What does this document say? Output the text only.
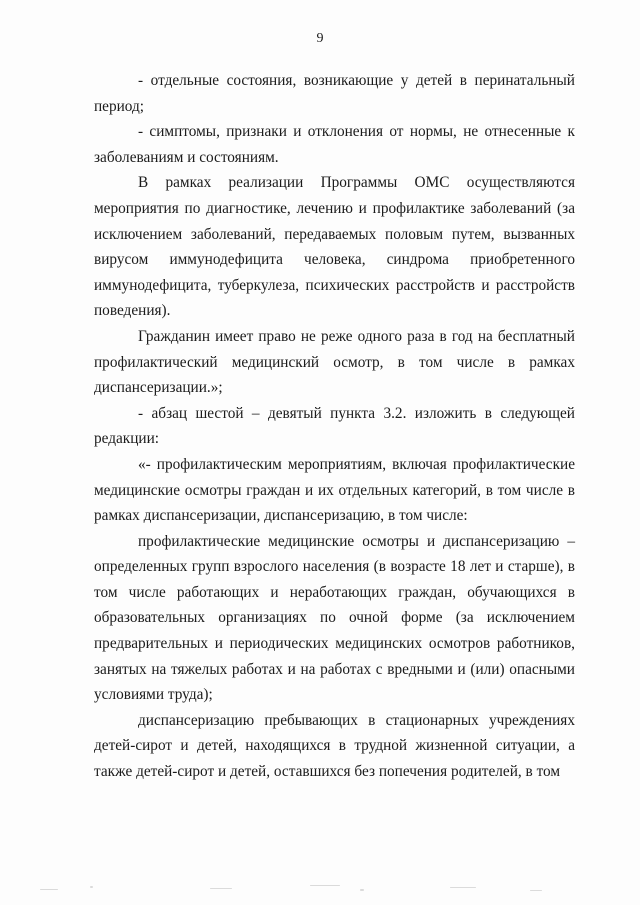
9

- отдельные состояния, возникающие у детей в перинатальный период;

- симптомы, признаки и отклонения от нормы, не отнесенные к заболеваниям и состояниям.

В рамках реализации Программы ОМС осуществляются мероприятия по диагностике, лечению и профилактике заболеваний (за исключением заболеваний, передаваемых половым путем, вызванных вирусом иммунодефицита человека, синдрома приобретенного иммунодефицита, туберкулеза, психических расстройств и расстройств поведения).

Гражданин имеет право не реже одного раза в год на бесплатный профилактический медицинский осмотр, в том числе в рамках диспансеризации.»;

- абзац шестой – девятый пункта 3.2. изложить в следующей редакции:

«- профилактическим мероприятиям, включая профилактические медицинские осмотры граждан и их отдельных категорий, в том числе в рамках диспансеризации, диспансеризацию, в том числе:

профилактические медицинские осмотры и диспансеризацию – определенных групп взрослого населения (в возрасте 18 лет и старше), в том числе работающих и неработающих граждан, обучающихся в образовательных организациях по очной форме (за исключением предварительных и периодических медицинских осмотров работников, занятых на тяжелых работах и на работах с вредными и (или) опасными условиями труда);

диспансеризацию пребывающих в стационарных учреждениях детей-сирот и детей, находящихся в трудной жизненной ситуации, а также детей-сирот и детей, оставшихся без попечения родителей, в том
